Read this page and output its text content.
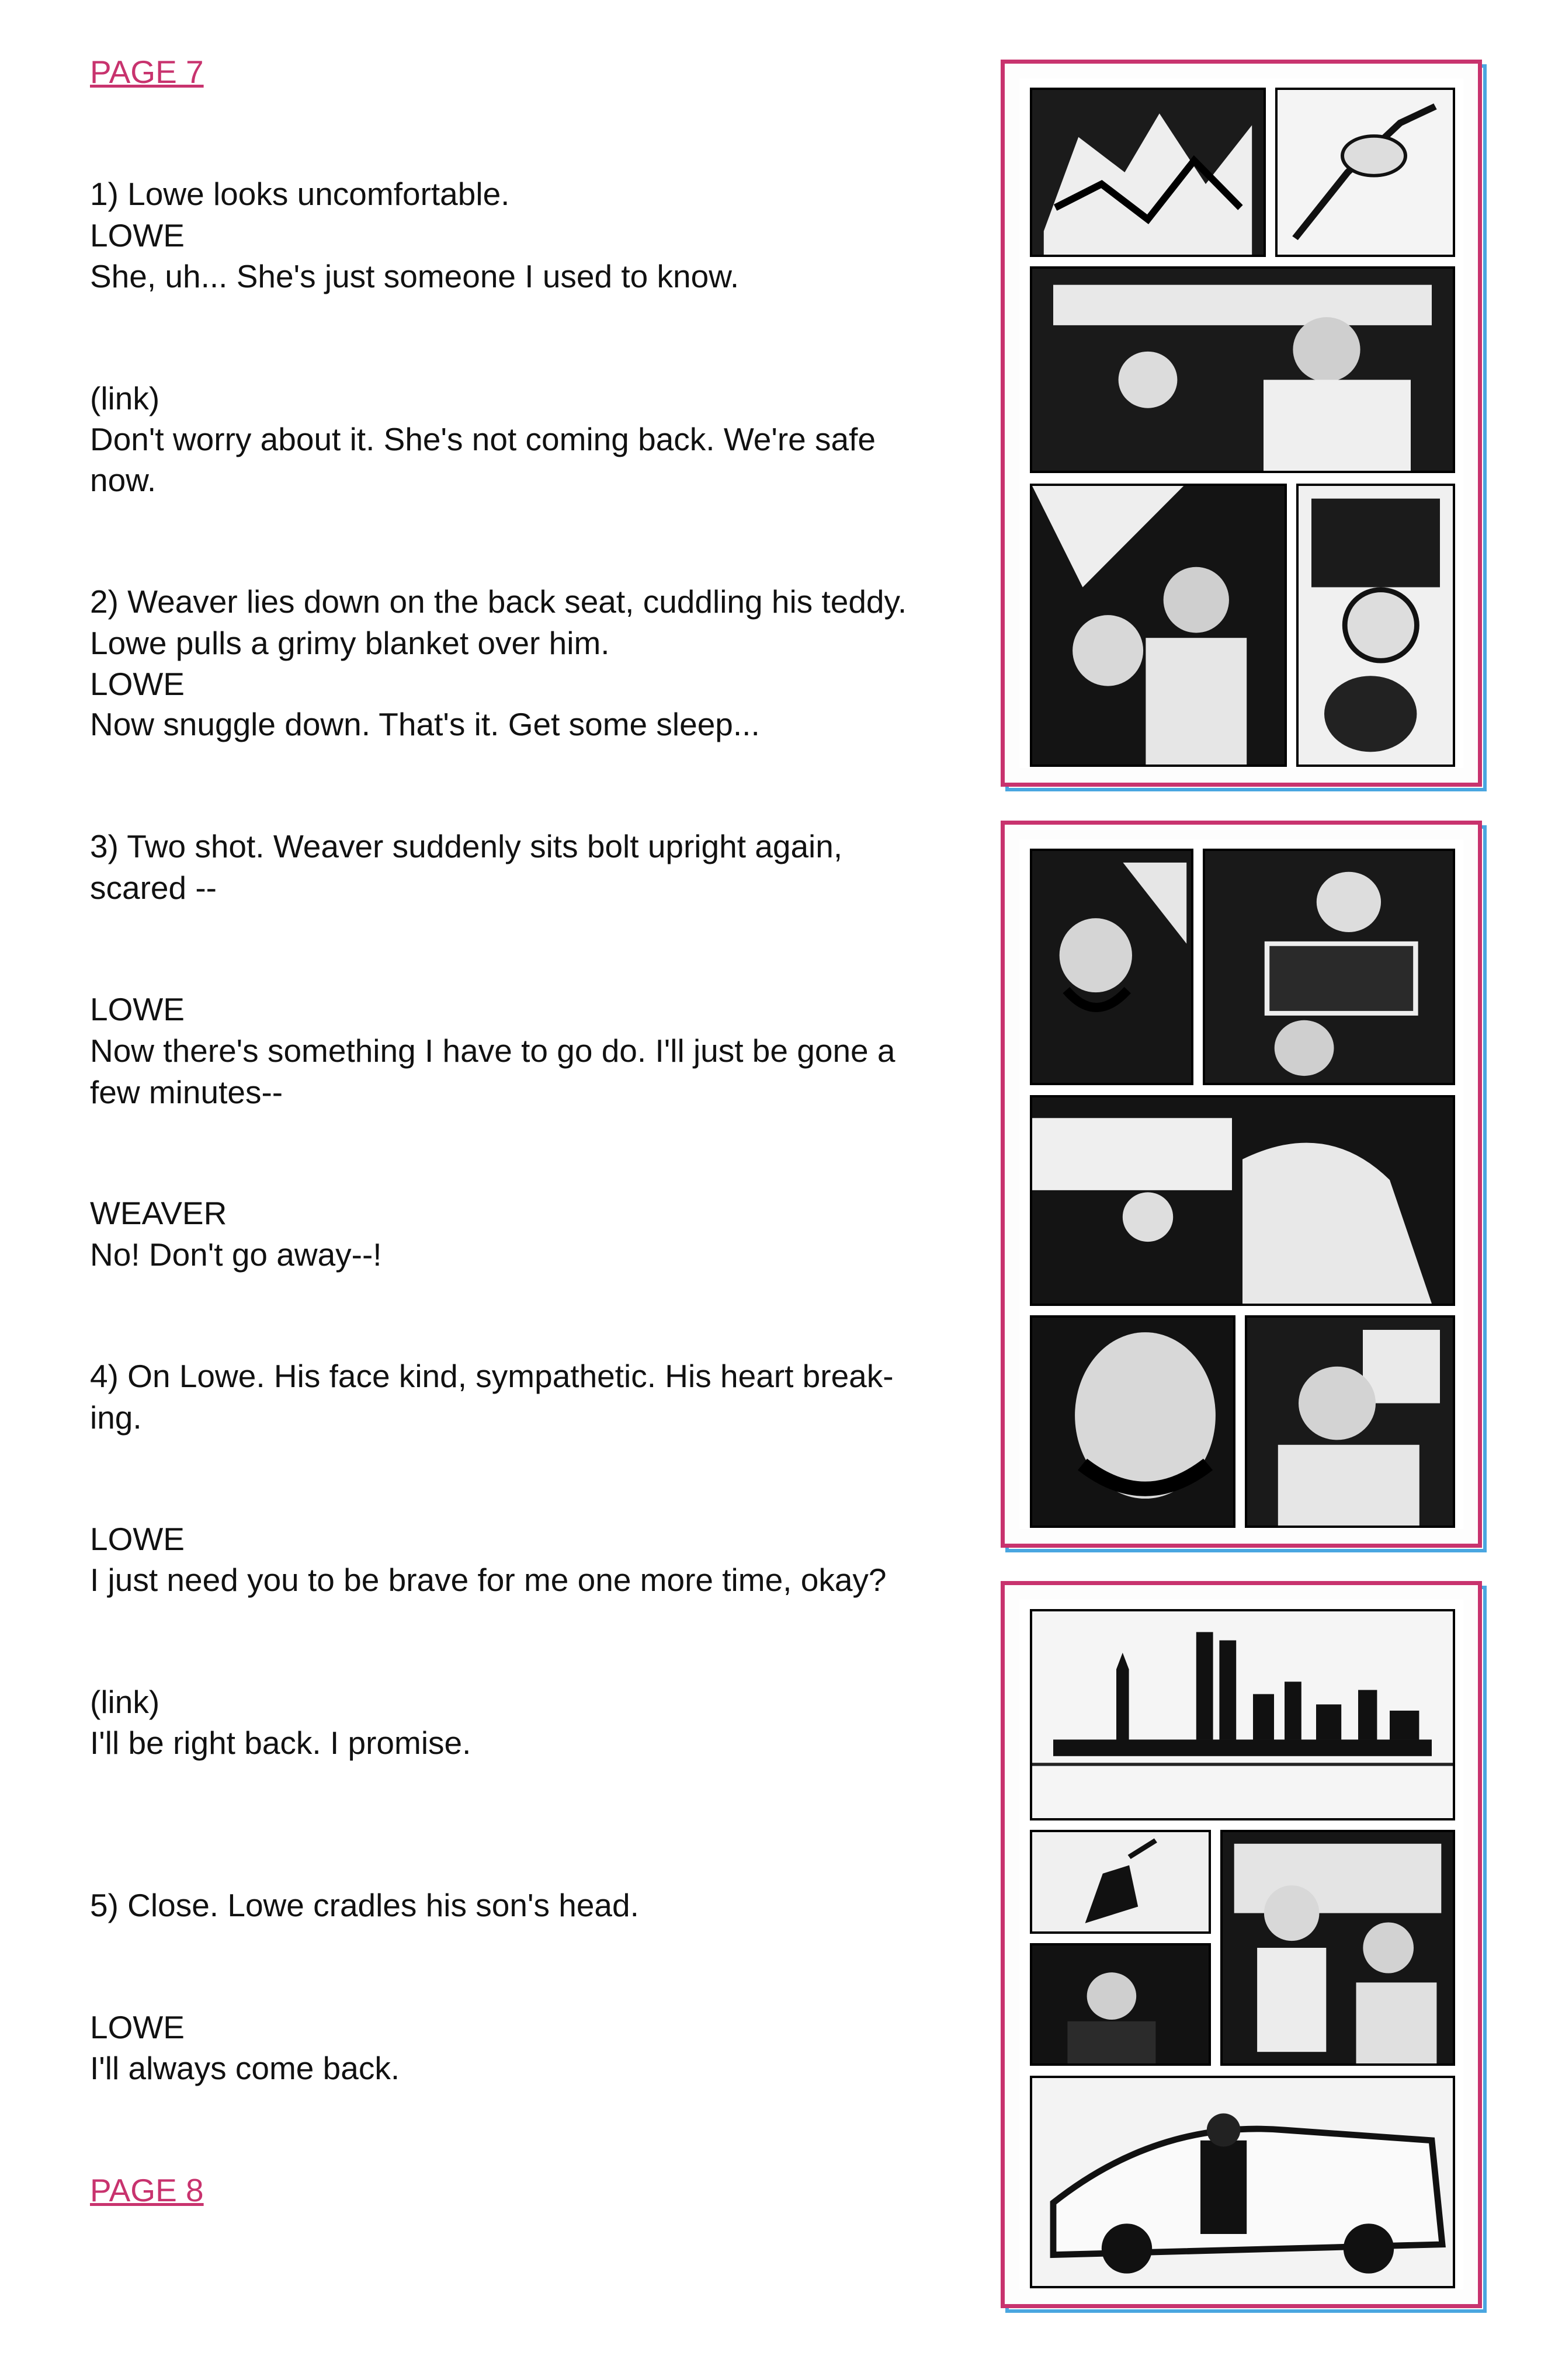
PAGE 7
1) Lowe looks uncomfortable.
LOWE
She, uh... She's just someone I used to know.
(link)
Don't worry about it. She's not coming back. We're safe
now.
2) Weaver lies down on the back seat, cuddling his teddy.
Lowe pulls a grimy blanket over him.
LOWE
Now snuggle down. That's it. Get some sleep...
3) Two shot. Weaver suddenly sits bolt upright again,
scared --
LOWE
Now there's something I have to go do. I'll just be gone a
few minutes--
WEAVER
No! Don't go away--!
4) On Lowe. His face kind, sympathetic. His heart break-
ing.
LOWE
I just need you to be brave for me one more time, okay?
(link)
I'll be right back. I promise.
5) Close. Lowe cradles his son's head.
LOWE
I'll always come back.
PAGE 8
